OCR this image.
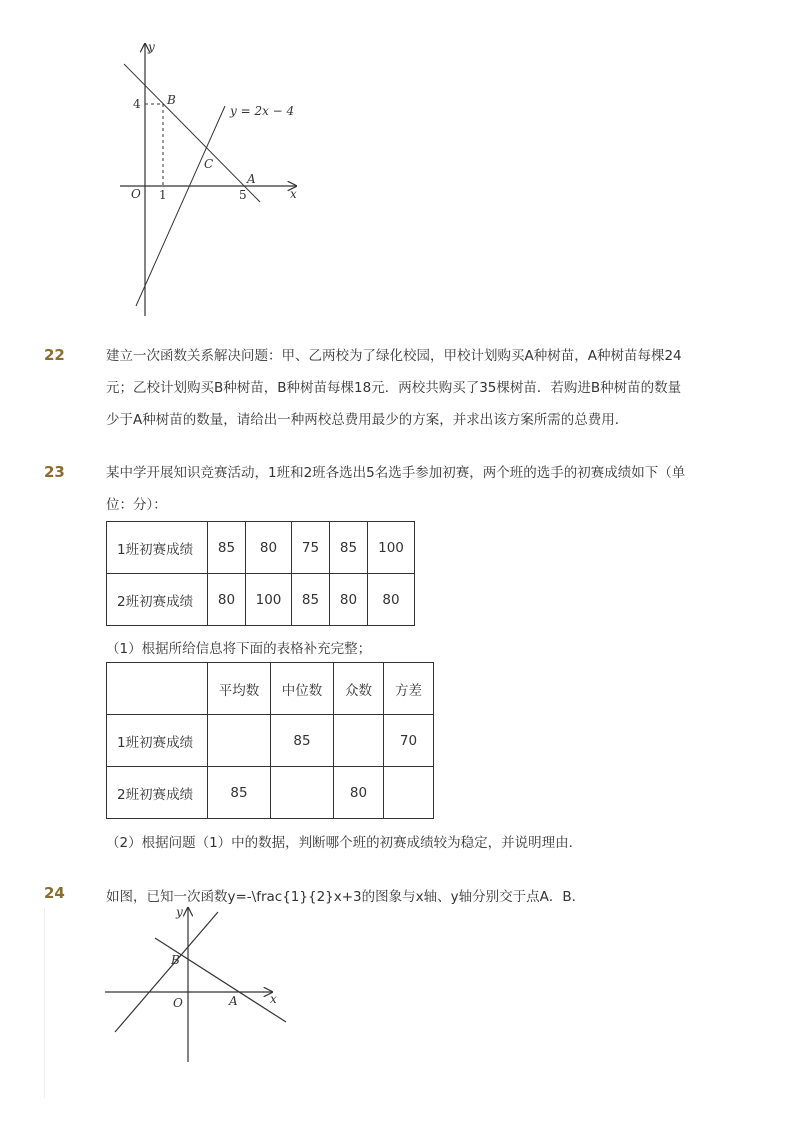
y
x
O
4
1	5
B
C
A
y = 2x − 4
22	建立一次函数关系解决问题：甲、乙两校为了绿化校园，甲校计划购买A种树苗，A种树苗每棵24
元；乙校计划购买B种树苗，B种树苗每棵18元．两校共购买了35棵树苗．若购进B种树苗的数量
少于A种树苗的数量，请给出一种两校总费用最少的方案，并求出该方案所需的总费用．
23	某中学开展知识竞赛活动，1班和2班各选出5名选手参加初赛，两个班的选手的初赛成绩如下（单
位：分）：
1班初赛成绩	85	80	75	85	100
2班初赛成绩	80	100	85	80	80
（1）根据所给信息将下面的表格补充完整；
	平均数	中位数	众数	方差
1班初赛成绩		85		70
2班初赛成绩	85		80	
（2）根据问题（1）中的数据，判断哪个班的初赛成绩较为稳定，并说明理由．
24	如图，已知一次函数y=-\frac{1}{2}x+3的图象与x轴、y轴分别交于点A．B．
y
x
O
B
A
